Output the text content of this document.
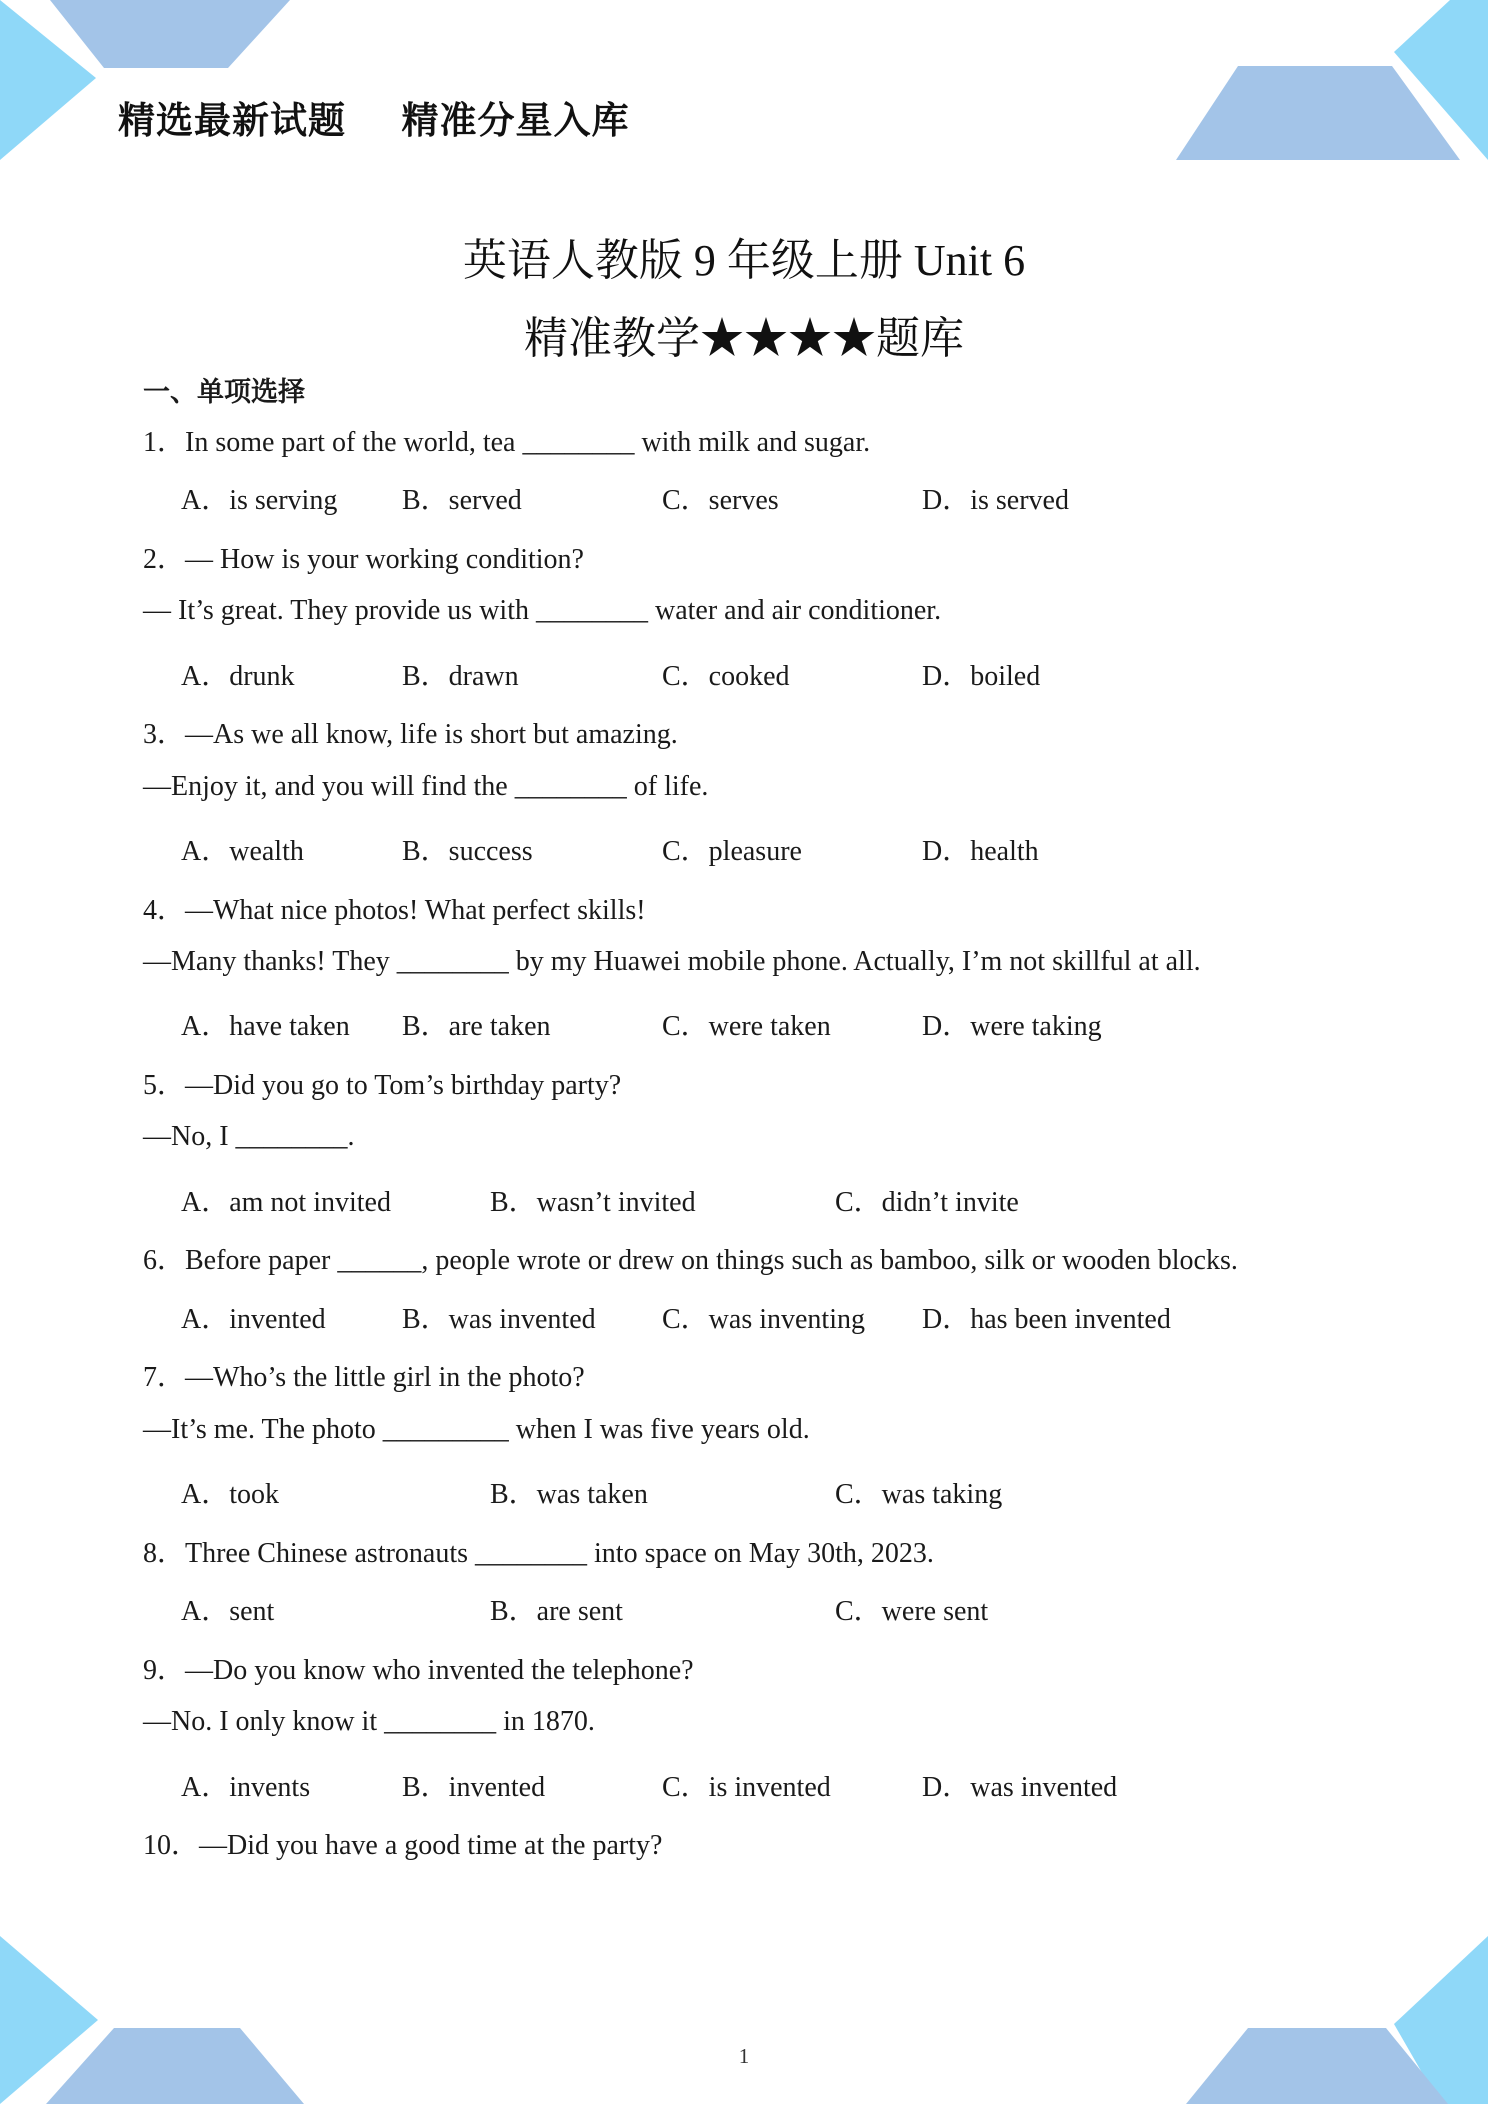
精选最新试题    精准分星入库
英语人教版 9 年级上册 Unit 6
精准教学★★★★题库
一、单项选择
1．In some part of the world, tea ________ with milk and sugar.
A．is serving B．served	C．serves	D．is served
2．— How is your working condition?
— It’s great. They provide us with ________ water and air conditioner.
A．drunk	B．drawn	C．cooked	D．boiled
3．—As we all know, life is short but amazing.
—Enjoy it, and you will find the ________ of life.
A．wealth	B．success	C．pleasure	D．health
4．—What nice photos! What perfect skills!
—Many thanks! They ________ by my Huawei mobile phone. Actually, I’m not skillful at all.
A．have taken B．are taken	C．were taken	D．were taking
5．—Did you go to Tom’s birthday party?
—No, I ________.
A．am not invited	B．wasn’t invited	C．didn’t invite
6．Before paper ______, people wrote or drew on things such as bamboo, silk or wooden blocks.
A．invented	B．was invented C．was inventing D．has been invented
7．—Who’s the little girl in the photo?
—It’s me. The photo _________ when I was five years old.
A．took	B．was taken	C．was taking
8．Three Chinese astronauts ________ into space on May 30th, 2023.
A．sent	B．are sent	C．were sent
9．—Do you know who invented the telephone?
—No. I only know it ________ in 1870.
A．invents	B．invented	C．is invented	D．was invented
10．—Did you have a good time at the party?
1
